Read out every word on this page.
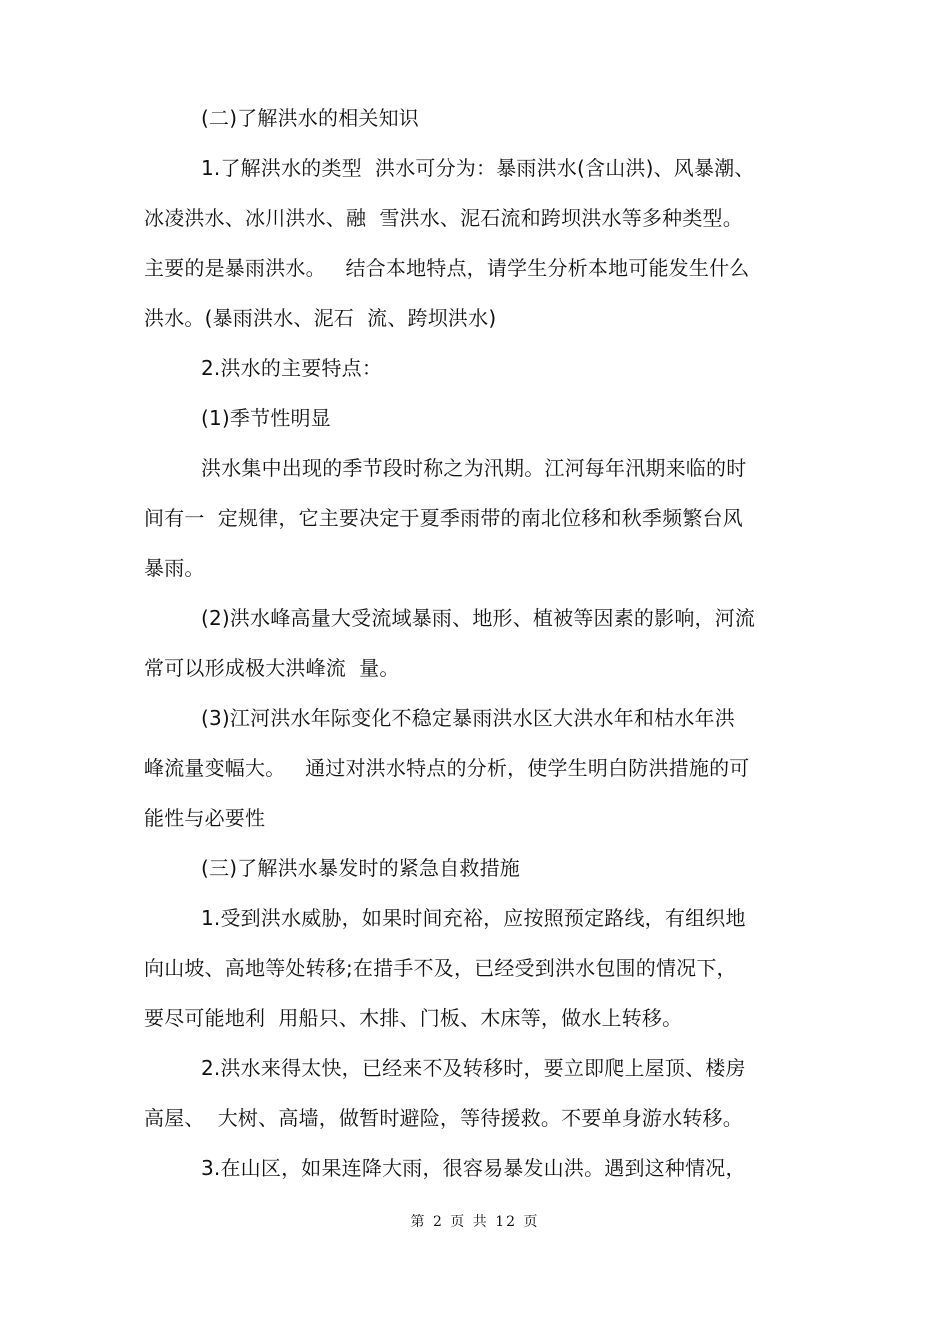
(二)了解洪水的相关知识
1.了解洪水的类型  洪水可分为：暴雨洪水(含山洪)、风暴潮、
冰凌洪水、冰川洪水、融  雪洪水、泥石流和跨坝洪水等多种类型。
主要的是暴雨洪水。   结合本地特点，请学生分析本地可能发生什么
洪水。(暴雨洪水、泥石  流、跨坝洪水)
2.洪水的主要特点：
(1)季节性明显
洪水集中出现的季节段时称之为汛期。江河每年汛期来临的时
间有一  定规律，它主要决定于夏季雨带的南北位移和秋季频繁台风
暴雨。
(2)洪水峰高量大受流域暴雨、地形、植被等因素的影响，河流
常可以形成极大洪峰流  量。
(3)江河洪水年际变化不稳定暴雨洪水区大洪水年和枯水年洪
峰流量变幅大。   通过对洪水特点的分析，使学生明白防洪措施的可
能性与必要性
(三)了解洪水暴发时的紧急自救措施
1.受到洪水威胁，如果时间充裕，应按照预定路线，有组织地
向山坡、高地等处转移;在措手不及，已经受到洪水包围的情况下，
要尽可能地利  用船只、木排、门板、木床等，做水上转移。
2.洪水来得太快，已经来不及转移时，要立即爬上屋顶、楼房
高屋、  大树、高墙，做暂时避险，等待援救。不要单身游水转移。
3.在山区，如果连降大雨，很容易暴发山洪。遇到这种情况，
第 2 页 共 12 页
